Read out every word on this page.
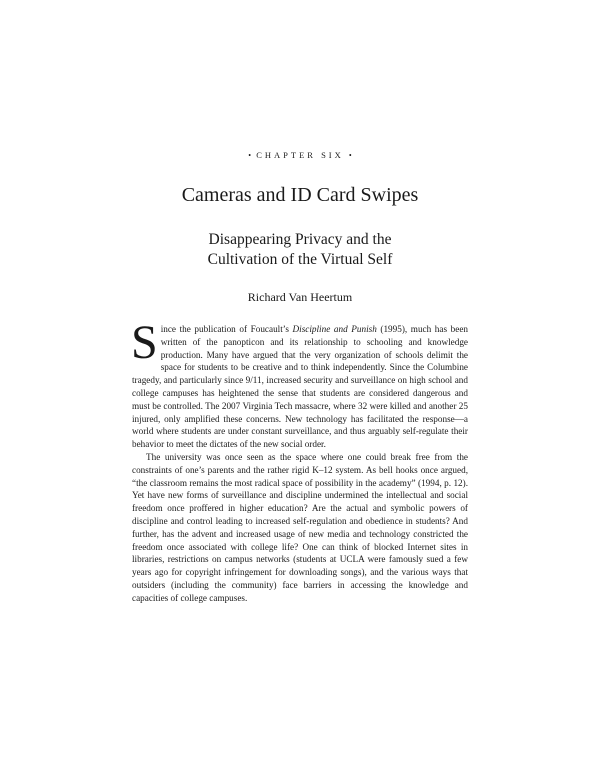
• CHAPTER SIX •
Cameras and ID Card Swipes
Disappearing Privacy and the
Cultivation of the Virtual Self
Richard Van Heertum

Since the publication of Foucault’s Discipline and Punish (1995), much has been written of the panopticon and its relationship to schooling and knowledge production. Many have argued that the very organization of schools delimit the space for students to be creative and to think independently. Since the Columbine tragedy, and particularly since 9/11, increased security and surveillance on high school and college campuses has heightened the sense that students are considered dangerous and must be controlled. The 2007 Virginia Tech massacre, where 32 were killed and another 25 injured, only amplified these concerns. New technology has facilitated the response—a world where students are under constant surveillance, and thus arguably self-regulate their behavior to meet the dictates of the new social order.

The university was once seen as the space where one could break free from the constraints of one’s parents and the rather rigid K–12 system. As bell hooks once argued, “the classroom remains the most radical space of possibility in the academy” (1994, p. 12). Yet have new forms of surveillance and discipline undermined the intellectual and social freedom once proffered in higher education? Are the actual and symbolic powers of discipline and control leading to increased self-regulation and obedience in students? And further, has the advent and increased usage of new media and technology constricted the freedom once associated with college life? One can think of blocked Internet sites in libraries, restrictions on campus networks (students at UCLA were famously sued a few years ago for copyright infringement for downloading songs), and the various ways that outsiders (including the community) face barriers in accessing the knowledge and capacities of college campuses.
